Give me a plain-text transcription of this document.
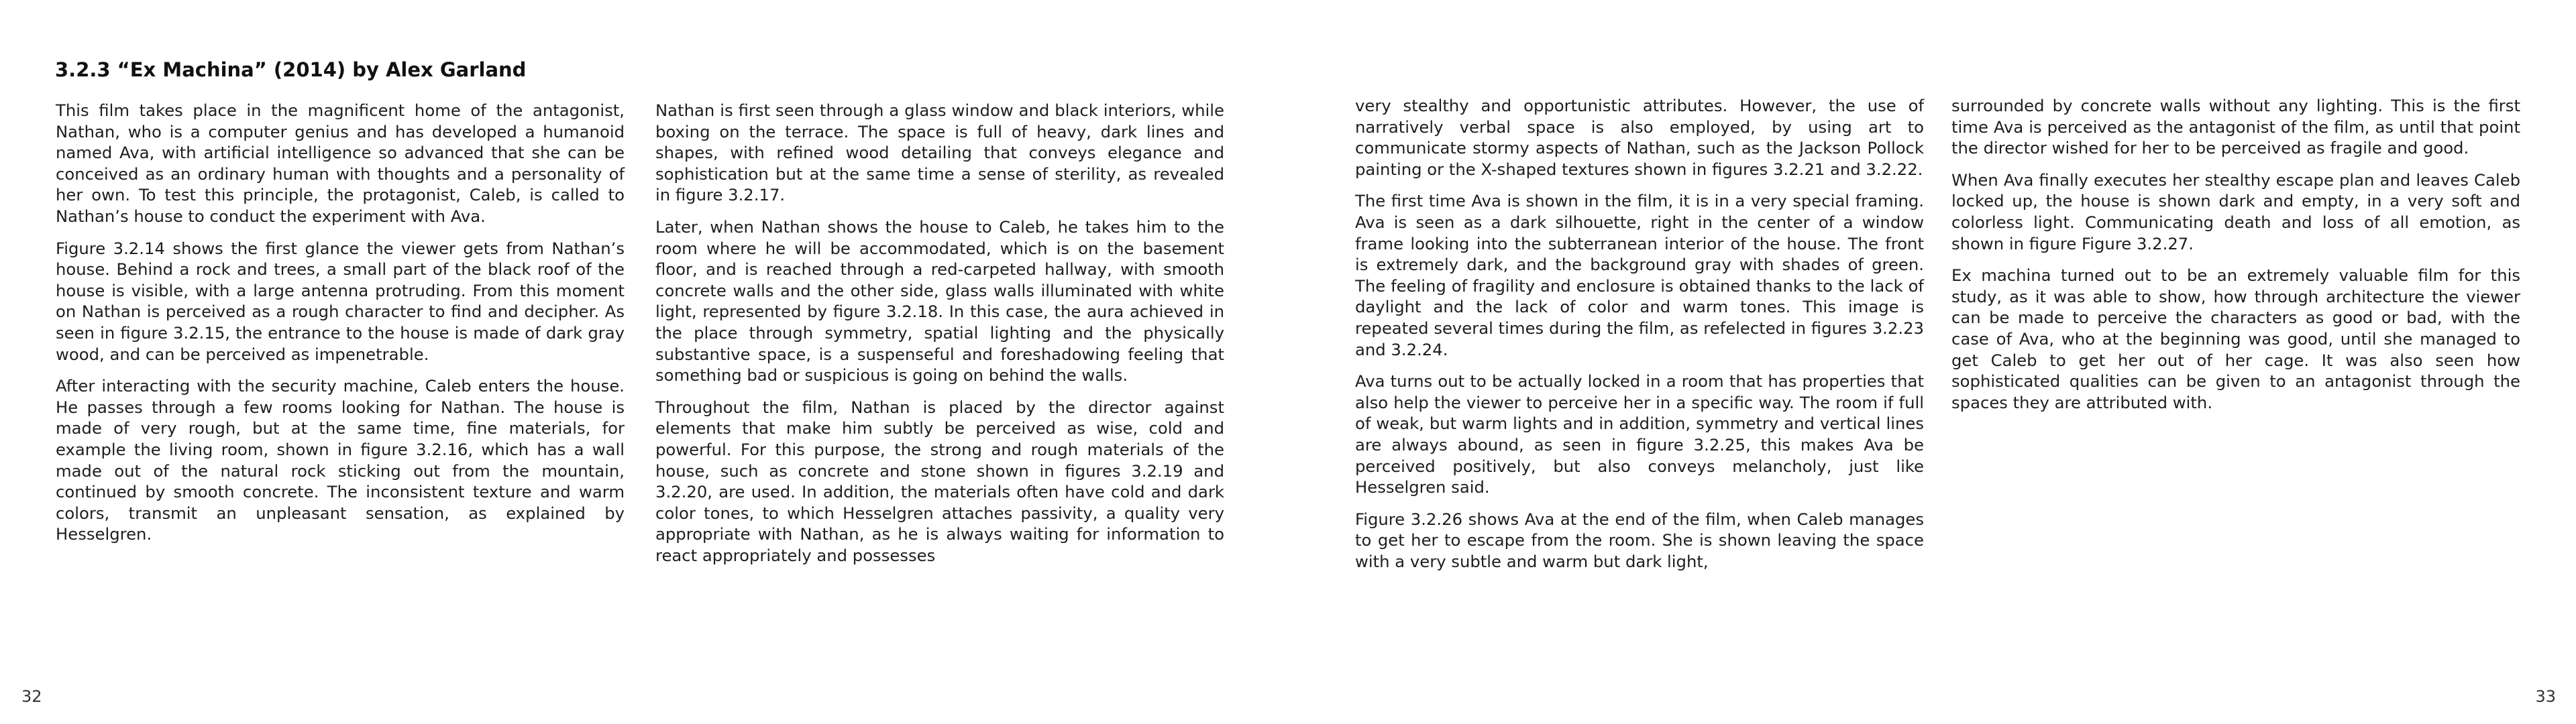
3.2.3 “Ex Machina” (2014) by Alex Garland

This film takes place in the magnificent home of the antagonist, Nathan, who is a computer genius and has developed a humanoid named Ava, with artificial intelligence so advanced that she can be conceived as an ordinary human with thoughts and a personality of her own. To test this principle, the protagonist, Caleb, is called to Nathan’s house to conduct the experiment with Ava.

Figure 3.2.14 shows the first glance the viewer gets from Nathan’s house. Behind a rock and trees, a small part of the black roof of the house is visible, with a large antenna protruding. From this moment on Nathan is perceived as a rough character to find and decipher. As seen in figure 3.2.15, the entrance to the house is made of dark gray wood, and can be perceived as impenetrable.

After interacting with the security machine, Caleb enters the house. He passes through a few rooms looking for Nathan. The house is made of very rough, but at the same time, fine materials, for example the living room, shown in figure 3.2.16, which has a wall made out of the natural rock sticking out from the mountain, continued by smooth concrete. The inconsistent texture and warm colors, transmit an unpleasant sensation, as explained by Hesselgren.

Nathan is first seen through a glass window and black interiors, while boxing on the terrace. The space is full of heavy, dark lines and shapes, with refined wood detailing that conveys elegance and sophistication but at the same time a sense of sterility, as revealed in figure 3.2.17.

Later, when Nathan shows the house to Caleb, he takes him to the room where he will be accommodated, which is on the basement floor, and is reached through a red-carpeted hallway, with smooth concrete walls and the other side, glass walls illuminated with white light, represented by figure 3.2.18. In this case, the aura achieved in the place through symmetry, spatial lighting and the physically substantive space, is a suspenseful and foreshadowing feeling that something bad or suspicious is going on behind the walls.

Throughout the film, Nathan is placed by the director against elements that make him subtly be perceived as wise, cold and powerful. For this purpose, the strong and rough materials of the house, such as concrete and stone shown in figures 3.2.19 and 3.2.20, are used. In addition, the materials often have cold and dark color tones, to which Hesselgren attaches passivity, a quality very appropriate with Nathan, as he is always waiting for information to react appropriately and possesses

32

very stealthy and opportunistic attributes. However, the use of narratively verbal space is also employed, by using art to communicate stormy aspects of Nathan, such as the Jackson Pollock painting or the X-shaped textures shown in figures 3.2.21 and 3.2.22.

The first time Ava is shown in the film, it is in a very special framing. Ava is seen as a dark silhouette, right in the center of a window frame looking into the subterranean interior of the house. The front is extremely dark, and the background gray with shades of green. The feeling of fragility and enclosure is obtained thanks to the lack of daylight and the lack of color and warm tones. This image is repeated several times during the film, as refelected in figures 3.2.23 and 3.2.24.

Ava turns out to be actually locked in a room that has properties that also help the viewer to perceive her in a specific way. The room if full of weak, but warm lights and in addition, symmetry and vertical lines are always abound, as seen in figure 3.2.25, this makes Ava be perceived positively, but also conveys melancholy, just like Hesselgren said.

Figure 3.2.26 shows Ava at the end of the film, when Caleb manages to get her to escape from the room. She is shown leaving the space with a very subtle and warm but dark light,

surrounded by concrete walls without any lighting. This is the first time Ava is perceived as the antagonist of the film, as until that point the director wished for her to be perceived as fragile and good.

When Ava finally executes her stealthy escape plan and leaves Caleb locked up, the house is shown dark and empty, in a very soft and colorless light. Communicating death and loss of all emotion, as shown in figure Figure 3.2.27.

Ex machina turned out to be an extremely valuable film for this study, as it was able to show, how through architecture the viewer can be made to perceive the characters as good or bad, with the case of Ava, who at the beginning was good, until she managed to get Caleb to get her out of her cage. It was also seen how sophisticated qualities can be given to an antagonist through the spaces they are attributed with.

33
